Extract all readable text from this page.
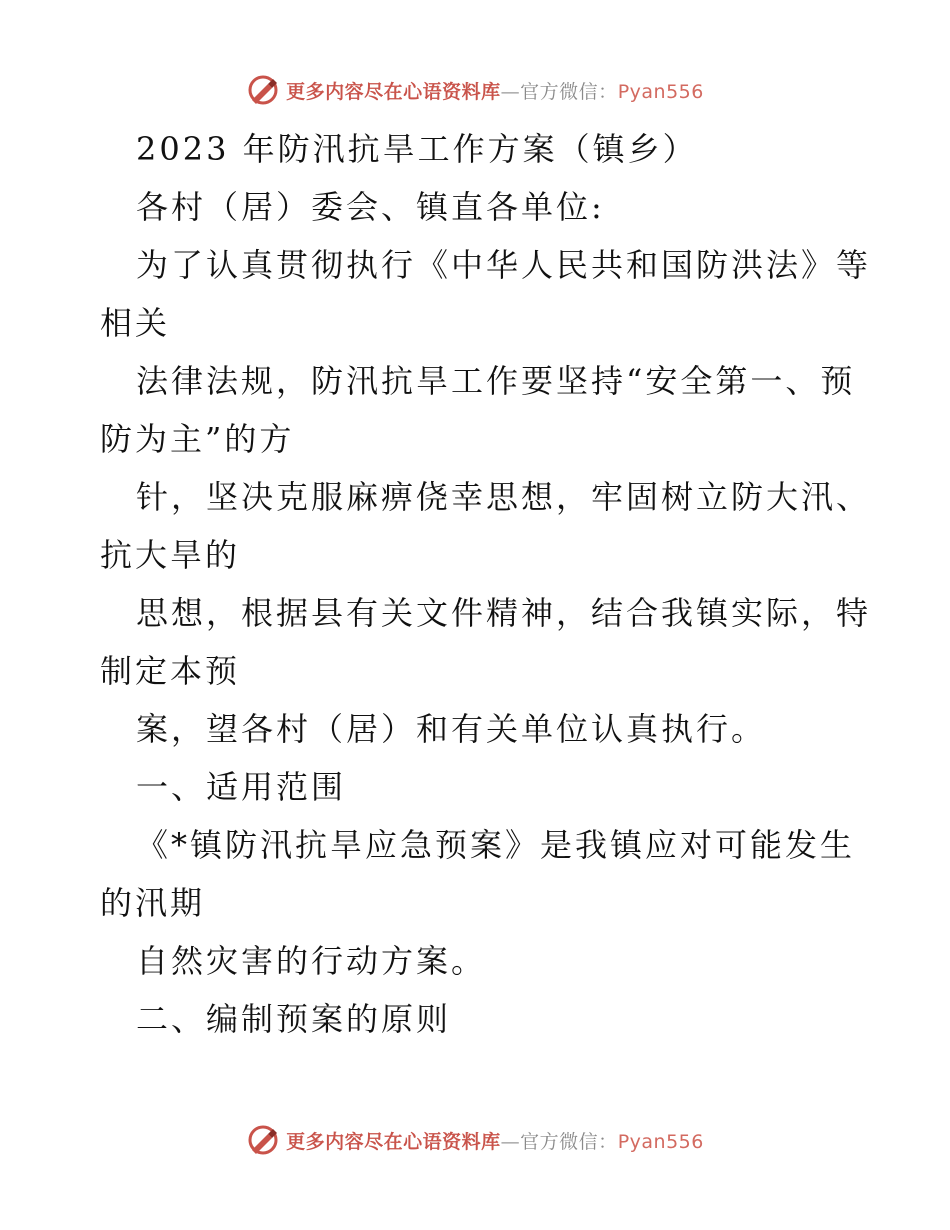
更多内容尽在心语资料库—官方微信：Pyan556
2023 年防汛抗旱工作方案（镇乡）
各村（居）委会、镇直各单位:
为了认真贯彻执行《中华人民共和国防洪法》等
相关
法律法规，防汛抗旱工作要坚持“安全第一、预
防为主”的方
针，坚决克服麻痹侥幸思想，牢固树立防大汛、
抗大旱的
思想，根据县有关文件精神，结合我镇实际，特
制定本预
案，望各村（居）和有关单位认真执行。
一、适用范围
《*镇防汛抗旱应急预案》是我镇应对可能发生
的汛期
自然灾害的行动方案。
二、编制预案的原则
更多内容尽在心语资料库—官方微信：Pyan556
